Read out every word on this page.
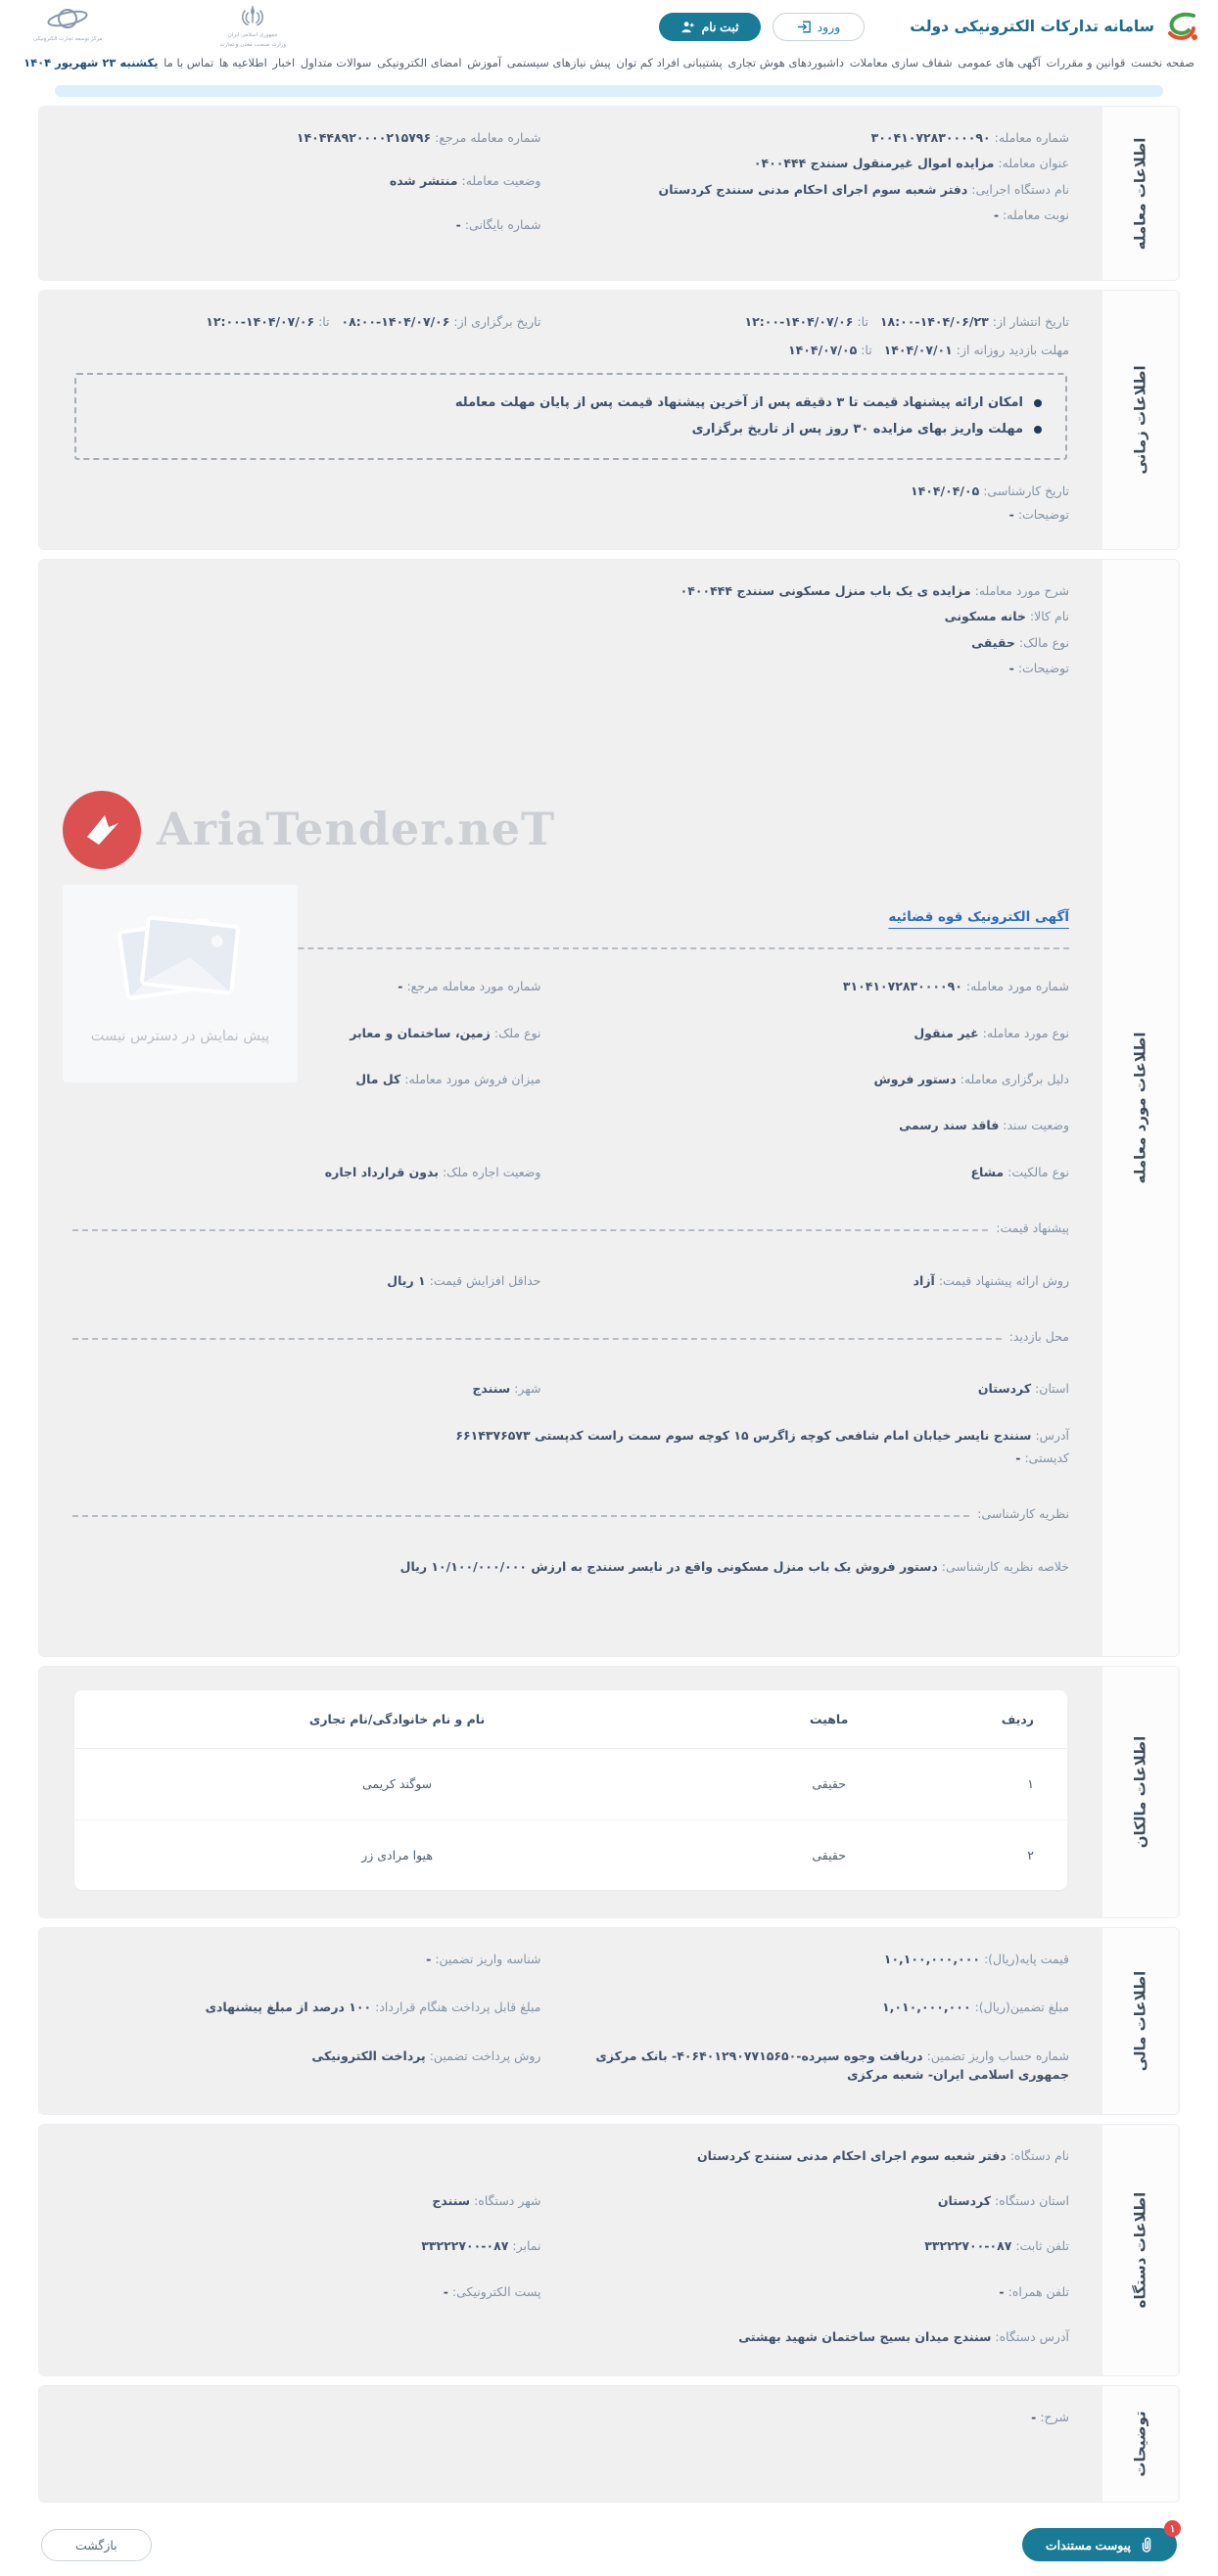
سامانه تدارکات الکترونیکی دولت
ورود
ثبت نام
جمهوری اسلامی ایران
وزارت صنعت، معدن و تجارت
مرکز توسعه تجارت الکترونیکی
صفحه نخست
قوانین و مقررات
آگهی های عمومی
شفاف سازی معاملات
داشبوردهای هوش تجاری
پشتیبانی افراد کم توان
پیش نیازهای سیستمی
آموزش
امضای الکترونیکی
سوالات متداول
اخبار
اطلاعیه ها
تماس با ما
یکشنبه ۲۳ شهریور ۱۴۰۴
اطلاعات معامله
شماره معامله: ۳۰۰۴۱۰۷۲۸۳۰۰۰۰۹۰
عنوان معامله: مزایده اموال غیرمنقول سنندج ۰۴۰۰۴۴۴
نام دستگاه اجرایی: دفتر شعبه سوم اجرای احکام مدنی سنندج کردستان
نوبت معامله: -
شماره معامله مرجع: ۱۴۰۴۴۸۹۲۰۰۰۰۲۱۵۷۹۶
وضعیت معامله: منتشر شده
شماره بایگانی: -
اطلاعات زمانی
تاریخ انتشار از: ۱۴۰۴/۰۶/۲۳-۱۸:۰۰   تا: ۱۴۰۴/۰۷/۰۶-۱۲:۰۰
تاریخ برگزاری از: ۱۴۰۴/۰۷/۰۶-۰۸:۰۰   تا: ۱۴۰۴/۰۷/۰۶-۱۲:۰۰
مهلت بازدید روزانه از: ۱۴۰۴/۰۷/۰۱   تا: ۱۴۰۴/۰۷/۰۵
امکان ارائه پیشنهاد قیمت تا ۳ دقیقه پس از آخرین پیشنهاد قیمت پس از پایان مهلت معامله
مهلت واریز بهای مزایده ۳۰ روز پس از تاریخ برگزاری
تاریخ کارشناسی: ۱۴۰۴/۰۴/۰۵
توضیحات: -
اطلاعات مورد معامله
شرح مورد معامله: مزایده ی یک باب منزل مسکونی سنندج ۰۴۰۰۴۴۴
نام کالا: خانه مسکونی
نوع مالک: حقیقی
توضیحات: -
AriaTender.neT
پیش نمایش در دسترس نیست
آگهی الکترونیک قوه قضائیه
شماره مورد معامله: ۳۱۰۴۱۰۷۲۸۳۰۰۰۰۹۰
شماره مورد معامله مرجع: -
نوع مورد معامله: غیر منقول
نوع ملک: زمین، ساختمان و معابر
دلیل برگزاری معامله: دستور فروش
میزان فروش مورد معامله: کل مال
وضعیت سند: فاقد سند رسمی
نوع مالکیت: مشاع
وضعیت اجاره ملک: بدون قرارداد اجاره
پیشنهاد قیمت:
روش ارائه پیشنهاد قیمت: آزاد
حداقل افزایش قیمت: ۱ ریال
محل بازدید:
استان: کردستان
شهر: سنندج
آدرس: سنندج نایسر خیابان امام شافعی کوچه زاگرس ۱۵ کوچه سوم سمت راست کدپستی ۶۶۱۴۳۷۶۵۷۳
کدپستی: -
نظریه کارشناسی:
خلاصه نظریه کارشناسی: دستور فروش یک باب منزل مسکونی واقع در نایسر سنندج به ارزش ۱۰/۱۰۰/۰۰۰/۰۰۰ ریال
اطلاعات مالکان
ردیف	ماهیت	نام و نام خانوادگی/نام تجاری
۱	حقیقی	سوگند کریمی
۲	حقیقی	هیوا مرادی زر
اطلاعات مالی
قیمت پایه(ریال): ۱۰,۱۰۰,۰۰۰,۰۰۰
شناسه واریز تضمین: -
مبلغ تضمین(ریال): ۱,۰۱۰,۰۰۰,۰۰۰
مبلغ قابل پرداخت هنگام قرارداد: ۱۰۰ درصد از مبلغ پیشنهادی
شماره حساب واریز تضمین: دریافت وجوه سپرده-۴۰۶۴۰۱۲۹۰۷۷۱۵۶۵۰- بانک مرکزی جمهوری اسلامی ایران- شعبه مرکزی
روش پرداخت تضمین: پرداخت الکترونیکی
اطلاعات دستگاه
نام دستگاه: دفتر شعبه سوم اجرای احکام مدنی سنندج کردستان
استان دستگاه: کردستان
شهر دستگاه: سنندج
تلفن ثابت: ۰۸۷-۳۳۲۲۲۷۰۰
نمابر: ۰۸۷-۳۳۲۲۲۷۰۰
تلفن همراه: -
پست الکترونیکی: -
آدرس دستگاه: سنندج میدان بسیج ساختمان شهید بهشتی
توضیحات
شرح: -
پیوست مستندات
۱
بازگشت
